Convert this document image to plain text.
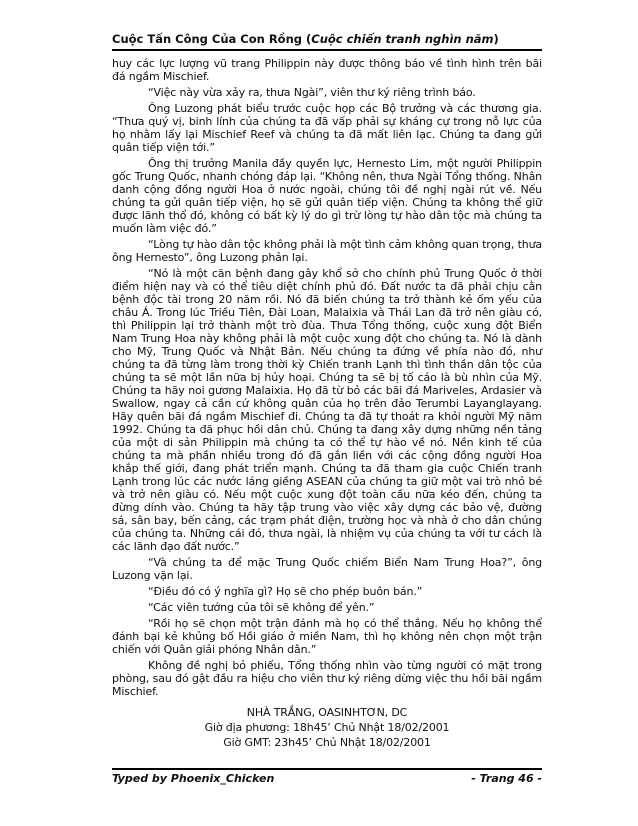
Cuộc Tấn Công Của Con Rồng (Cuộc chiến tranh nghìn năm)

huy các lực lượng vũ trang Philippin này được thông báo về tình hình trên bãi đá ngầm Mischief.

“Việc này vừa xảy ra, thưa Ngài”, viên thư ký riêng trình báo.

Ông Luzong phát biểu trước cuộc họp các Bộ trưởng và các thương gia. “Thưa quý vị, binh lính của chúng ta đã vấp phải sự kháng cự trong nỗ lực của họ nhằm lấy lại Mischief Reef và chúng ta đã mất liên lạc. Chúng ta đang gửi quân tiếp viện tới.”

Ông thị trưởng Manila đầy quyền lực, Hernesto Lim, một người Philippin gốc Trung Quốc, nhanh chóng đáp lại. “Không nên, thưa Ngài Tổng thống. Nhân danh cộng đồng người Hoa ở nước ngoài, chúng tôi đề nghị ngài rút về. Nếu chúng ta gửi quân tiếp viện, họ sẽ gửi quân tiếp viện. Chúng ta không thể giữ được lãnh thổ đó, không có bất kỳ lý do gì trừ lòng tự hào dân tộc mà chúng ta muốn làm việc đó.”

“Lòng tự hào dân tộc không phải là một tình cảm không quan trọng, thưa ông Hernesto”, ông Luzong phản lại.

“Nó là một căn bệnh đang gây khổ sở cho chính phủ Trung Quốc ở thời điểm hiện nay và có thể tiêu diệt chính phủ đó. Đất nước ta đã phải chịu cằn bệnh độc tài trong 20 năm rồi. Nó đã biến chúng ta trở thành kẻ ốm yếu của châu Á. Trong lúc Triều Tiên, Đài Loan, Malaixia và Thái Lan đã trở nên giàu có, thì Philippin lại trở thành một trò đùa. Thưa Tổng thống, cuộc xung đột Biển Nam Trung Hoa này không phải là một cuộc xung đột cho chúng ta. Nó là dành cho Mỹ, Trung Quốc và Nhật Bản. Nếu chúng ta đứng về phía nào đó, như chúng ta đã từng làm trong thời kỳ Chiến tranh Lạnh thì tình thần dân tộc của chúng ta sẽ một lần nữa bị hủy hoại. Chúng ta sẽ bị tố cáo là bù nhìn của Mỹ. Chúng ta hãy noi gương Malaixia. Họ đã từ bỏ các bãi đá Mariveles, Ardasier và Swallow, ngay cả cần cứ không quân của họ trên đảo Terumbi Layanglayang. Hãy quên bãi đá ngầm Mischief đi. Chúng ta đã tự thoát ra khỏi người Mỹ năm 1992. Chúng ta đã phục hồi dân chủ. Chúng ta đang xây dựng những nền tảng của một di sản Philippin mà chúng ta có thể tự hào về nó. Nền kinh tế của chúng ta mà phần nhiều trong đó đã gắn liền với các cộng đồng người Hoa khắp thế giới, đang phát triển mạnh. Chúng ta đã tham gia cuộc Chiến tranh Lạnh trong lúc các nước láng giềng ASEAN của chúng ta giữ một vai trò nhỏ bé và trở nên giàu có. Nếu một cuộc xung đột toàn cầu nữa kéo đến, chúng ta đừng dính vào. Chúng ta hãy tập trung vào việc xây dựng các bảo vệ, đường sá, sân bay, bến cảng, các trạm phát điện, trường học và nhà ở cho dân chúng của chúng ta. Những cái đó, thưa ngài, là nhiệm vụ của chúng ta với tư cách là các lãnh đạo đất nước.”

“Và chúng ta để mặc Trung Quốc chiếm Biển Nam Trung Hoa?”, ông Luzong vặn lại.

“Điều đó có ý nghĩa gì? Họ sẽ cho phép buôn bán.”

“Các viên tướng của tôi sẽ không để yên.”

“Rồi họ sẽ chọn một trận đánh mà họ có thể thắng. Nếu họ không thể đánh bại kẻ khủng bố Hồi giáo ở miền Nam, thì họ không nên chọn một trận chiến với Quân giải phóng Nhân dân.”

Không đề nghị bỏ phiếu, Tổng thống nhìn vào từng người có mặt trong phòng, sau đó gật đầu ra hiệu cho viên thư ký riêng dừng việc thu hồi bãi ngầm Mischief.

NHÀ TRẮNG, OASINHTƠN, DC

Giờ địa phương: 18h45’ Chủ Nhật 18/02/2001

Giờ GMT: 23h45’ Chủ Nhật 18/02/2001

Typed by Phoenix_Chicken	- Trang 46 -
